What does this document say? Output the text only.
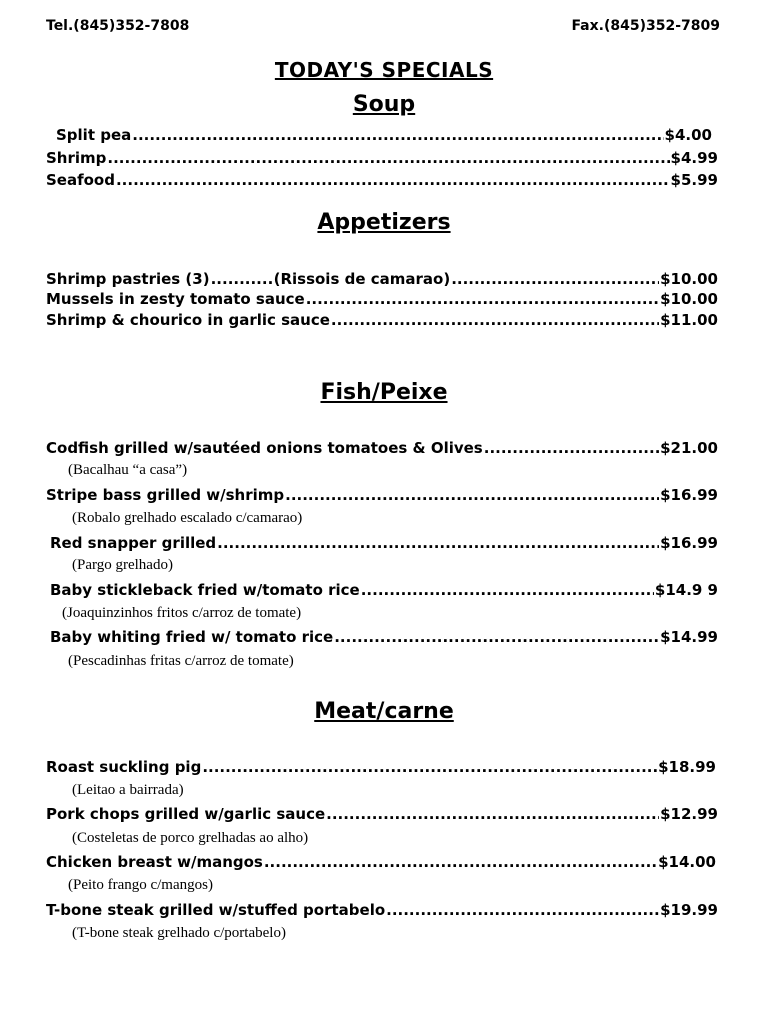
Tel.(845)352-7808	Fax.(845)352-7809
TODAY'S SPECIALS
Soup
Split pea .....	$4.00
Shrimp .....	$4.99
Seafood .....	$5.99
Appetizers
Shrimp pastries (3) .....	(Rissois de camarao) .....	$10.00
Mussels in zesty tomato sauce .....	$10.00
Shrimp & chourico in garlic sauce .....	$11.00
Fish/Peixe
Codfish grilled w/sautéed onions tomatoes & Olives .....	$21.00
(Bacalhau “a casa”)
Stripe bass grilled w/shrimp .....	$16.99
(Robalo grelhado escalado c/camarao)
Red snapper grilled .....	$16.99
(Pargo grelhado)
Baby stickleback fried w/tomato rice .....	$14.9 9
(Joaquinzinhos fritos c/arroz de tomate)
Baby whiting fried w/ tomato rice .....	$14.99
(Pescadinhas fritas c/arroz de tomate)
Meat/carne
Roast suckling pig .....	$18.99
(Leitao a bairrada)
Pork chops grilled w/garlic sauce .....	$12.99
(Costeletas de porco grelhadas ao alho)
Chicken breast w/mangos .....	$14.00
(Peito frango c/mangos)
T-bone steak grilled w/stuffed portabelo .....	$19.99
(T-bone steak grelhado c/portabelo)
